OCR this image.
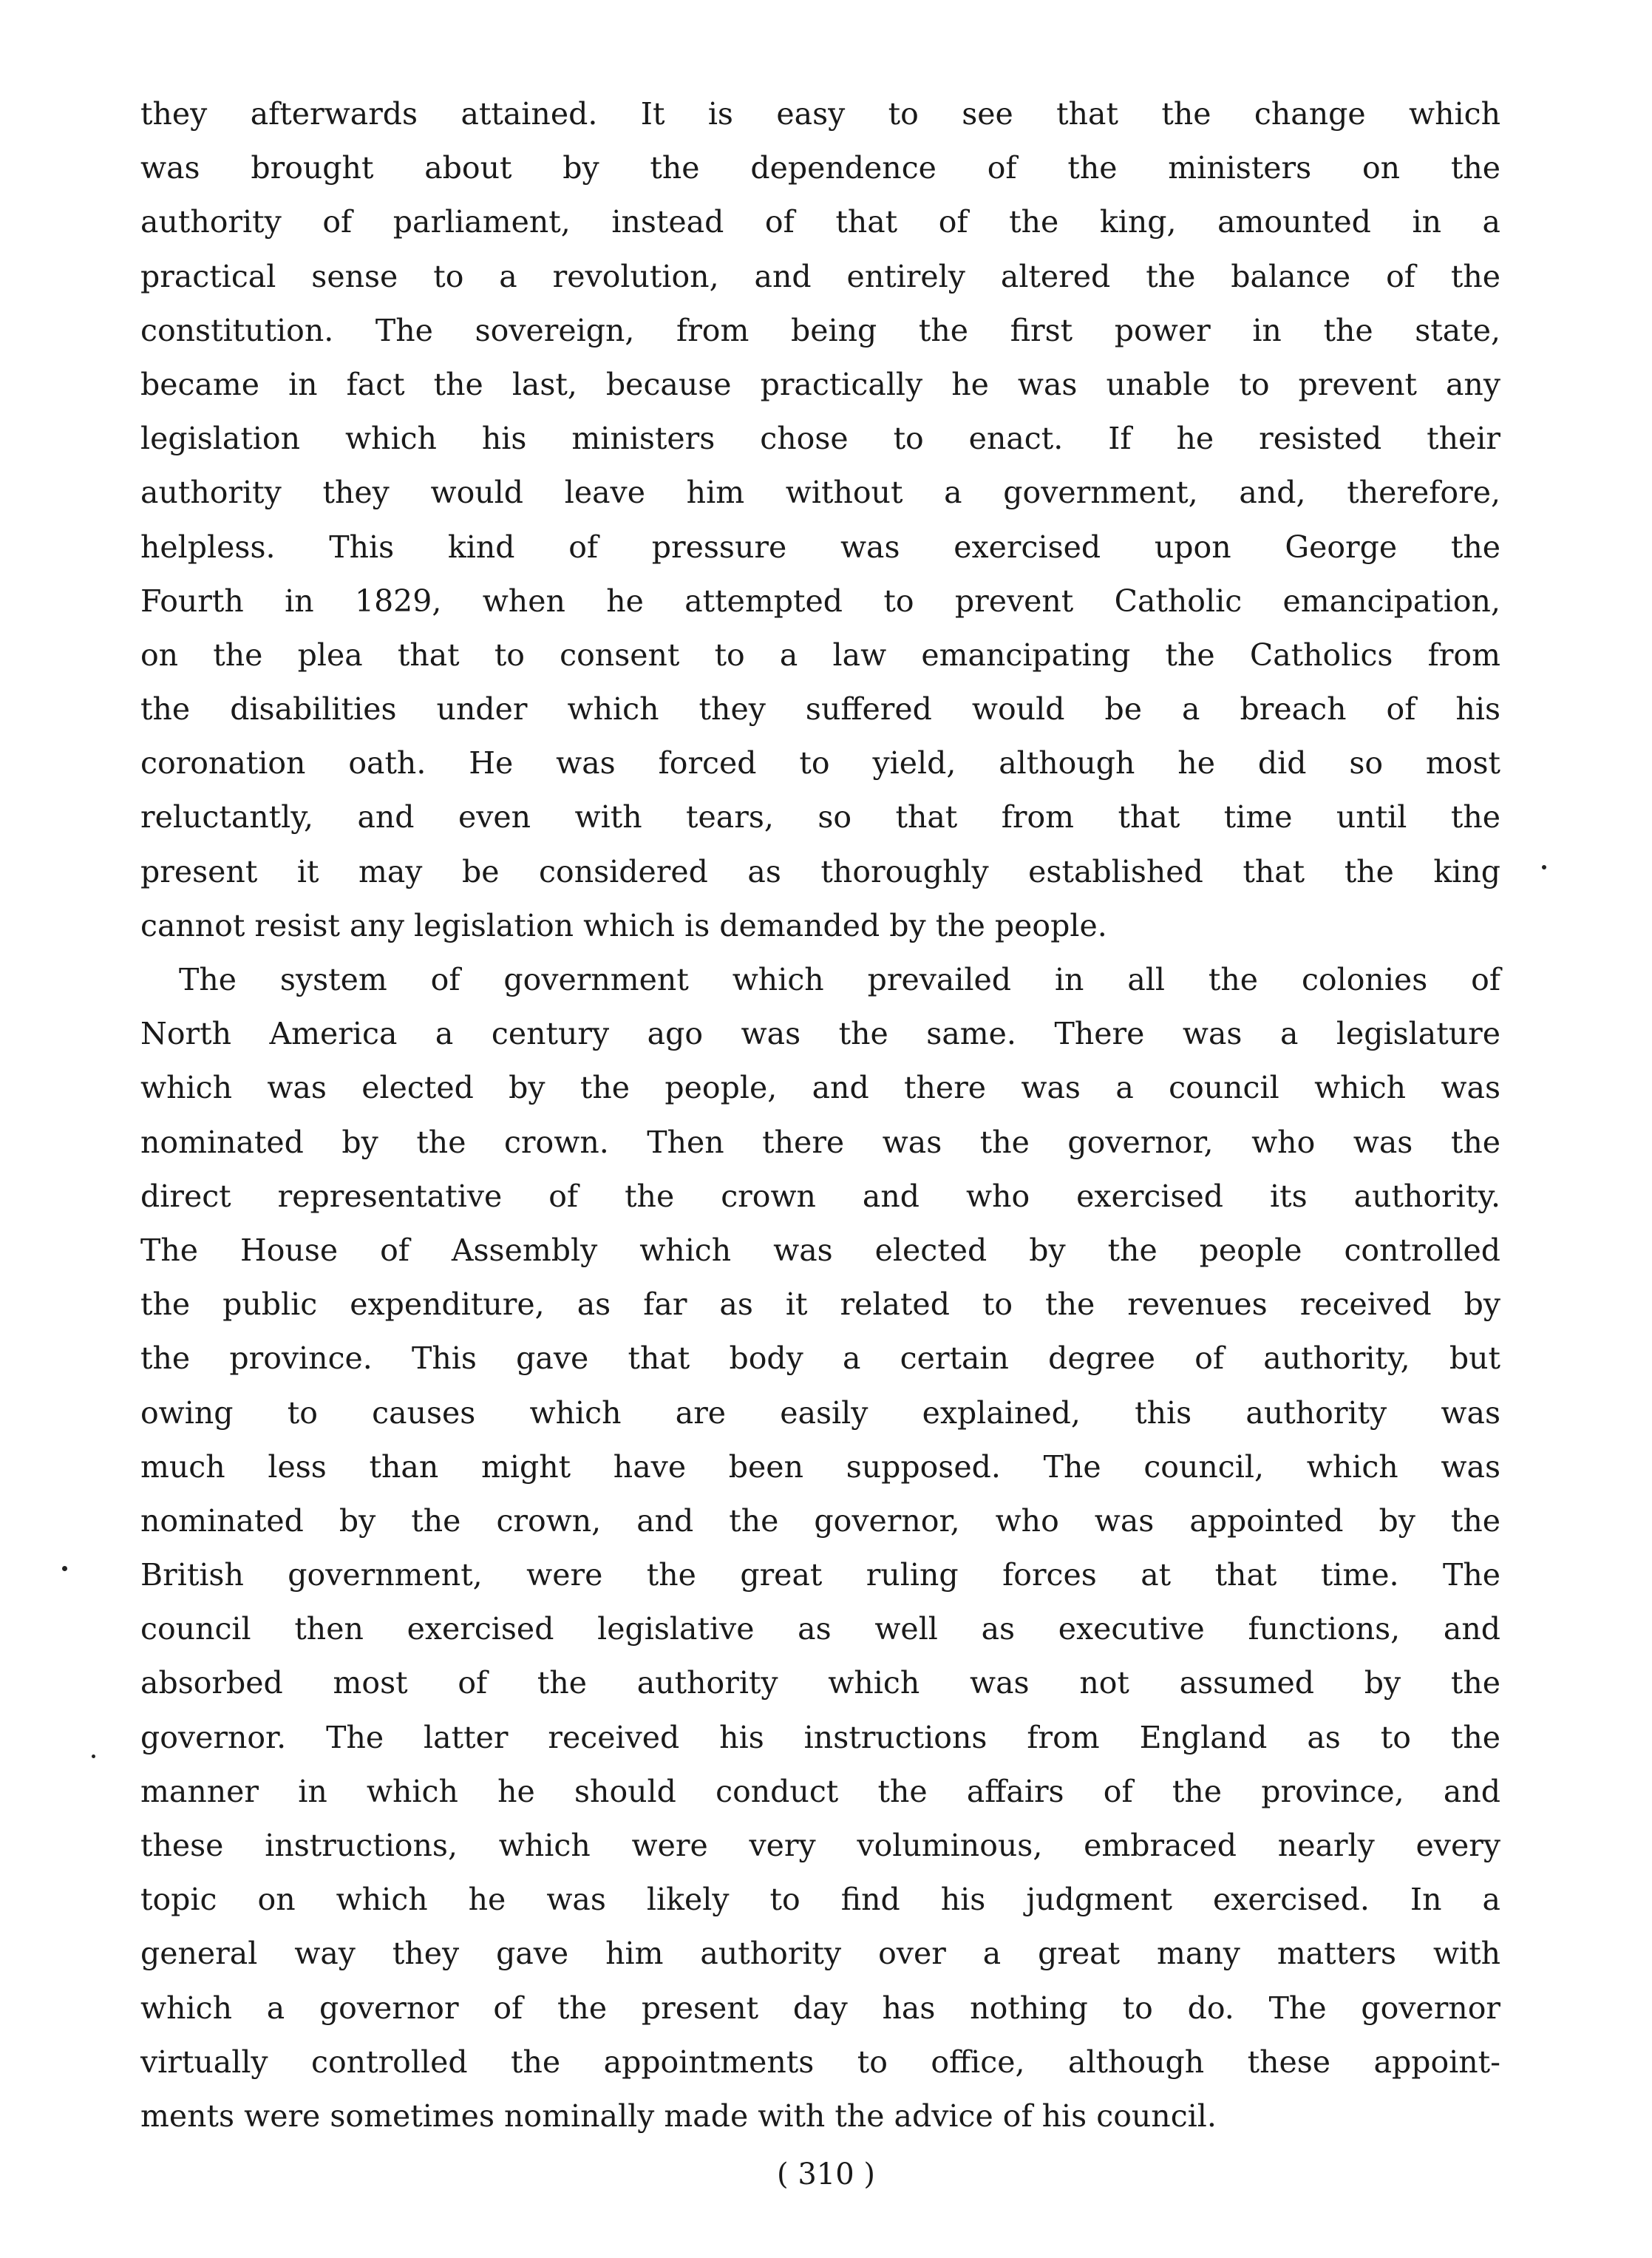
they afterwards attained. It is easy to see that the change which
was brought about by the dependence of the ministers on the
authority of parliament, instead of that of the king, amounted in a
practical sense to a revolution, and entirely altered the balance of the
constitution. The sovereign, from being the first power in the state,
became in fact the last, because practically he was unable to prevent any
legislation which his ministers chose to enact. If he resisted their
authority they would leave him without a government, and, therefore,
helpless. This kind of pressure was exercised upon George the
Fourth in 1829, when he attempted to prevent Catholic emancipation,
on the plea that to consent to a law emancipating the Catholics from
the disabilities under which they suffered would be a breach of his
coronation oath. He was forced to yield, although he did so most
reluctantly, and even with tears, so that from that time until the
present it may be considered as thoroughly established that the king
cannot resist any legislation which is demanded by the people.
The system of government which prevailed in all the colonies of
North America a century ago was the same. There was a legislature
which was elected by the people, and there was a council which was
nominated by the crown. Then there was the governor, who was the
direct representative of the crown and who exercised its authority.
The House of Assembly which was elected by the people controlled
the public expenditure, as far as it related to the revenues received by
the province. This gave that body a certain degree of authority, but
owing to causes which are easily explained, this authority was
much less than might have been supposed. The council, which was
nominated by the crown, and the governor, who was appointed by the
British government, were the great ruling forces at that time. The
council then exercised legislative as well as executive functions, and
absorbed most of the authority which was not assumed by the
governor. The latter received his instructions from England as to the
manner in which he should conduct the affairs of the province, and
these instructions, which were very voluminous, embraced nearly every
topic on which he was likely to find his judgment exercised. In a
general way they gave him authority over a great many matters with
which a governor of the present day has nothing to do. The governor
virtually controlled the appointments to office, although these appoint-
ments were sometimes nominally made with the advice of his council.
( 310 )
